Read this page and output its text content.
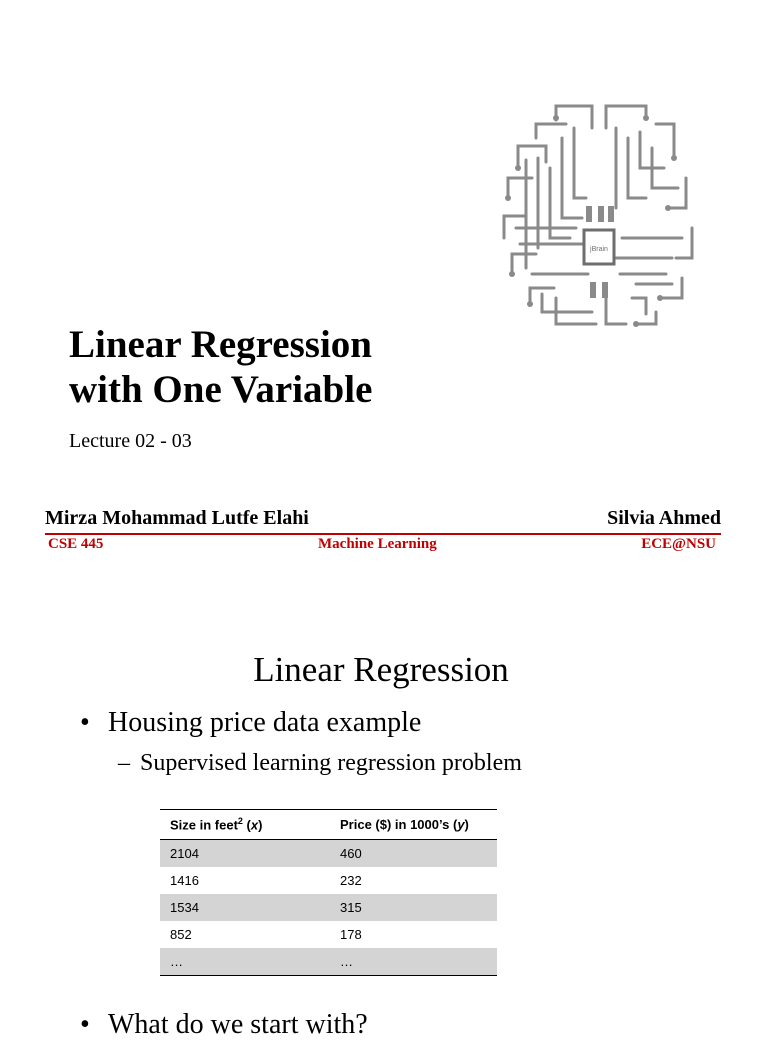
jBrain
Linear Regression
with One Variable
Lecture 02 - 03
Mirza Mohammad Lutfe Elahi	Silvia Ahmed
CSE 445	Machine Learning	ECE@NSU
Linear Regression
• Housing price data example
– Supervised learning regression problem
Size in feet$^2$ (x)	Price ($) in 1000’s (y)
2104	460
1416	232
1534	315
852	178
…	…
• What do we start with?
